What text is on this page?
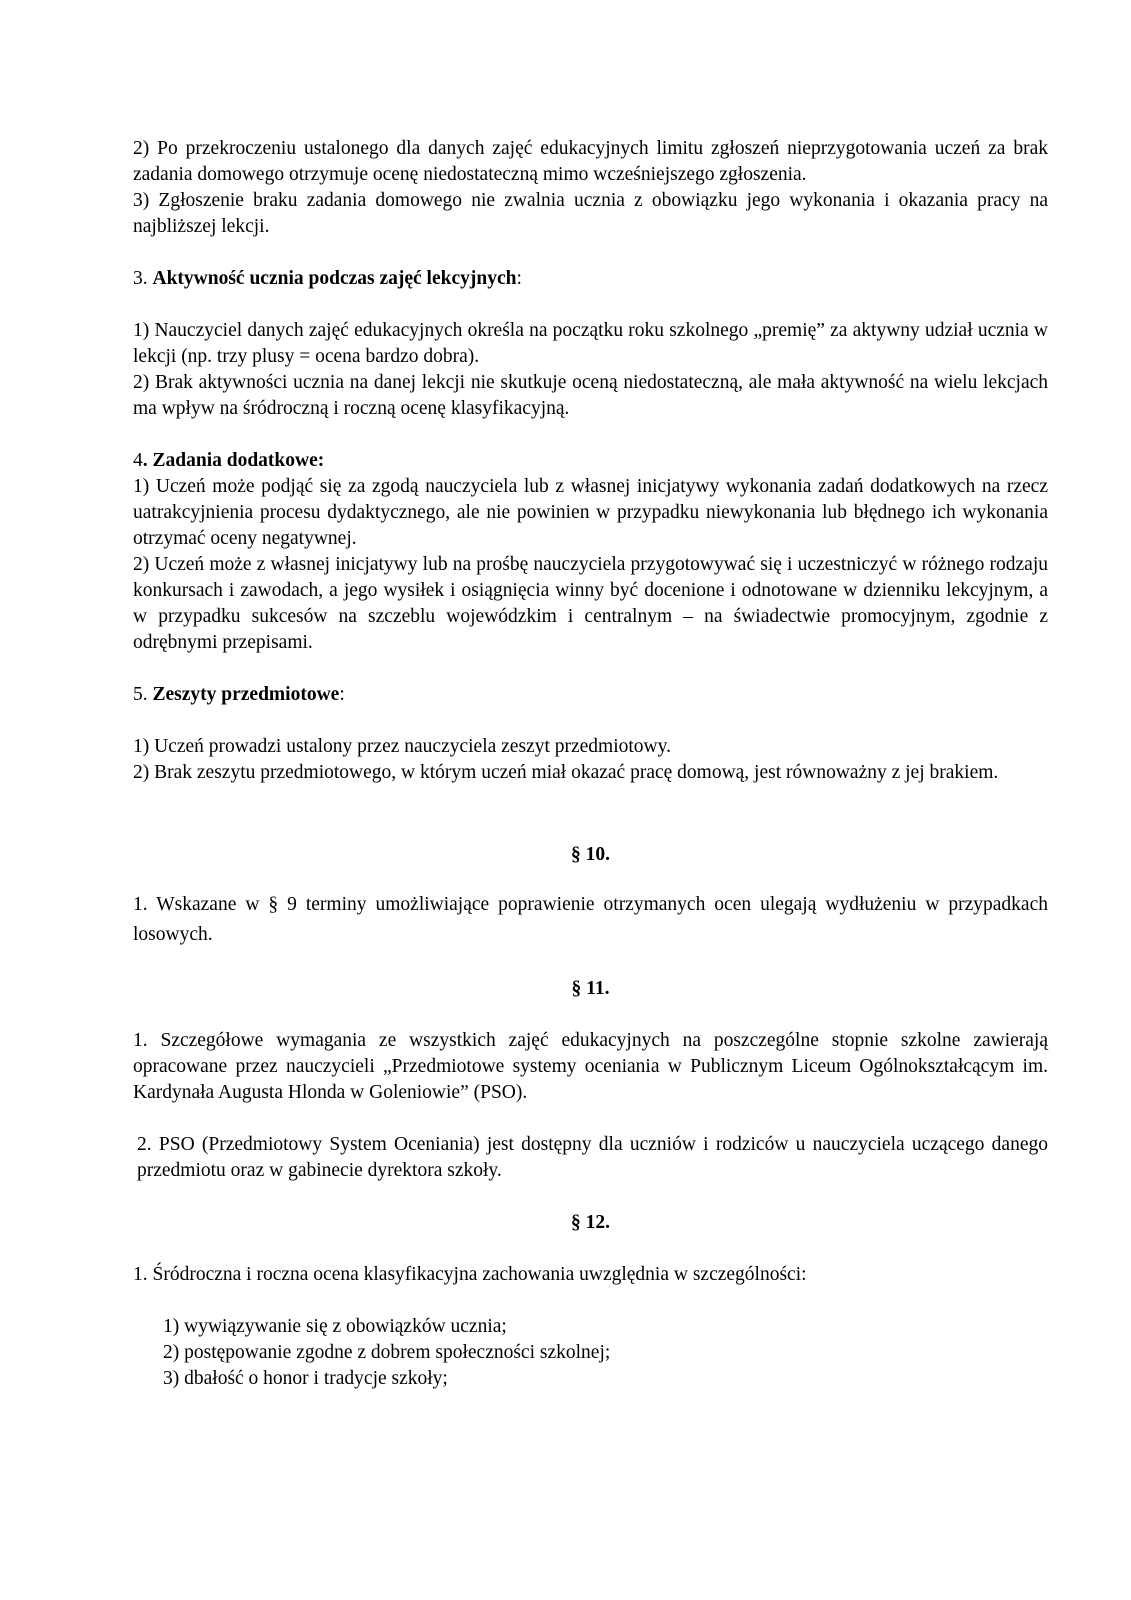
2) Po przekroczeniu ustalonego dla danych zajęć edukacyjnych limitu zgłoszeń nieprzygotowania uczeń za brak zadania domowego otrzymuje ocenę niedostateczną mimo wcześniejszego zgłoszenia.

3) Zgłoszenie braku zadania domowego nie zwalnia ucznia z obowiązku jego wykonania i okazania pracy na najbliższej lekcji.

3. Aktywność ucznia podczas zajęć lekcyjnych:

1) Nauczyciel danych zajęć edukacyjnych określa na początku roku szkolnego „premię” za aktywny udział ucznia w lekcji (np. trzy plusy = ocena bardzo dobra).

2) Brak aktywności ucznia na danej lekcji nie skutkuje oceną niedostateczną, ale mała aktywność na wielu lekcjach ma wpływ na śródroczną i roczną ocenę klasyfikacyjną.

4. Zadania dodatkowe:

1) Uczeń może podjąć się za zgodą nauczyciela lub z własnej inicjatywy wykonania zadań dodatkowych na rzecz uatrakcyjnienia procesu dydaktycznego, ale nie powinien w przypadku niewykonania lub błędnego ich wykonania otrzymać oceny negatywnej.

2) Uczeń może z własnej inicjatywy lub na prośbę nauczyciela przygotowywać się i uczestniczyć w różnego rodzaju konkursach i zawodach, a jego wysiłek i osiągnięcia winny być docenione i odnotowane w dzienniku lekcyjnym, a w przypadku sukcesów na szczeblu wojewódzkim i centralnym – na świadectwie promocyjnym, zgodnie z odrębnymi przepisami.

5. Zeszyty przedmiotowe:

1) Uczeń prowadzi ustalony przez nauczyciela zeszyt przedmiotowy.

2) Brak zeszytu przedmiotowego, w którym uczeń miał okazać pracę domową, jest równoważny z jej brakiem.

§ 10.

1. Wskazane w § 9 terminy umożliwiające poprawienie otrzymanych ocen ulegają wydłużeniu w przypadkach losowych.

§ 11.

1. Szczegółowe wymagania ze wszystkich zajęć edukacyjnych na poszczególne stopnie szkolne zawierają opracowane przez nauczycieli „Przedmiotowe systemy oceniania w Publicznym Liceum Ogólnokształcącym im. Kardynała Augusta Hlonda w Goleniowie” (PSO).

2. PSO (Przedmiotowy System Oceniania) jest dostępny dla uczniów i rodziców u nauczyciela uczącego danego przedmiotu oraz w gabinecie dyrektora szkoły.

§ 12.

1. Śródroczna i roczna ocena klasyfikacyjna zachowania uwzględnia w szczególności:

1) wywiązywanie się z obowiązków ucznia;

2) postępowanie zgodne z dobrem społeczności szkolnej;

3) dbałość o honor i tradycje szkoły;
